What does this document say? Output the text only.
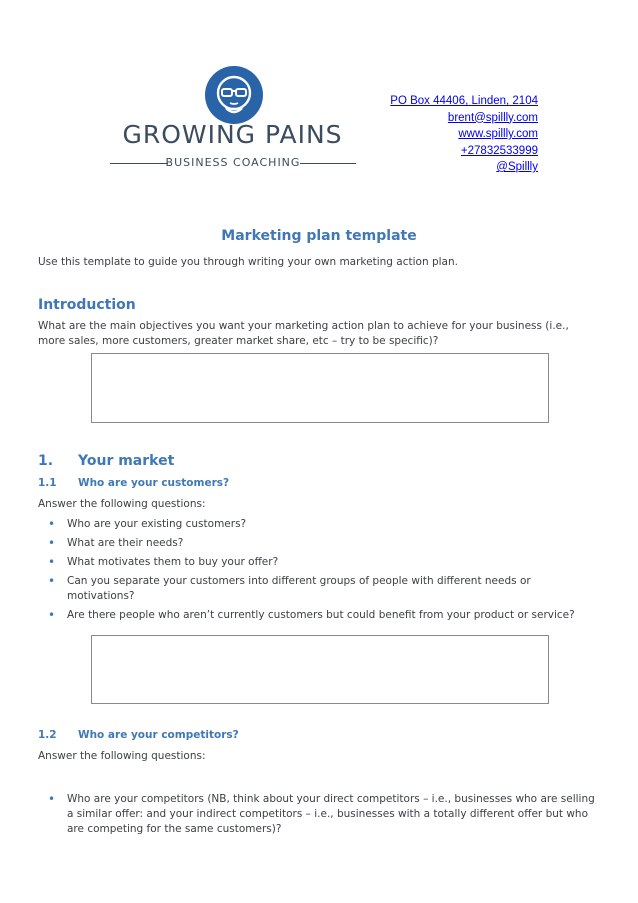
GROWING PAINS
BUSINESS COACHING
PO Box 44406, Linden, 2104
brent@spillly.com
www.spillly.com
+27832533999
@Spillly
Marketing plan template
Use this template to guide you through writing your own marketing action plan.
Introduction
What are the main objectives you want your marketing action plan to achieve for your business (i.e., more sales, more customers, greater market share, etc – try to be specific)?
1. Your market
1.1 Who are your customers?
Answer the following questions:
• Who are your existing customers?
• What are their needs?
• What motivates them to buy your offer?
• Can you separate your customers into different groups of people with different needs or motivations?
• Are there people who aren’t currently customers but could benefit from your product or service?
1.2 Who are your competitors?
Answer the following questions:
• Who are your competitors (NB, think about your direct competitors – i.e., businesses who are selling a similar offer: and your indirect competitors – i.e., businesses with a totally different offer but who are competing for the same customers)?
